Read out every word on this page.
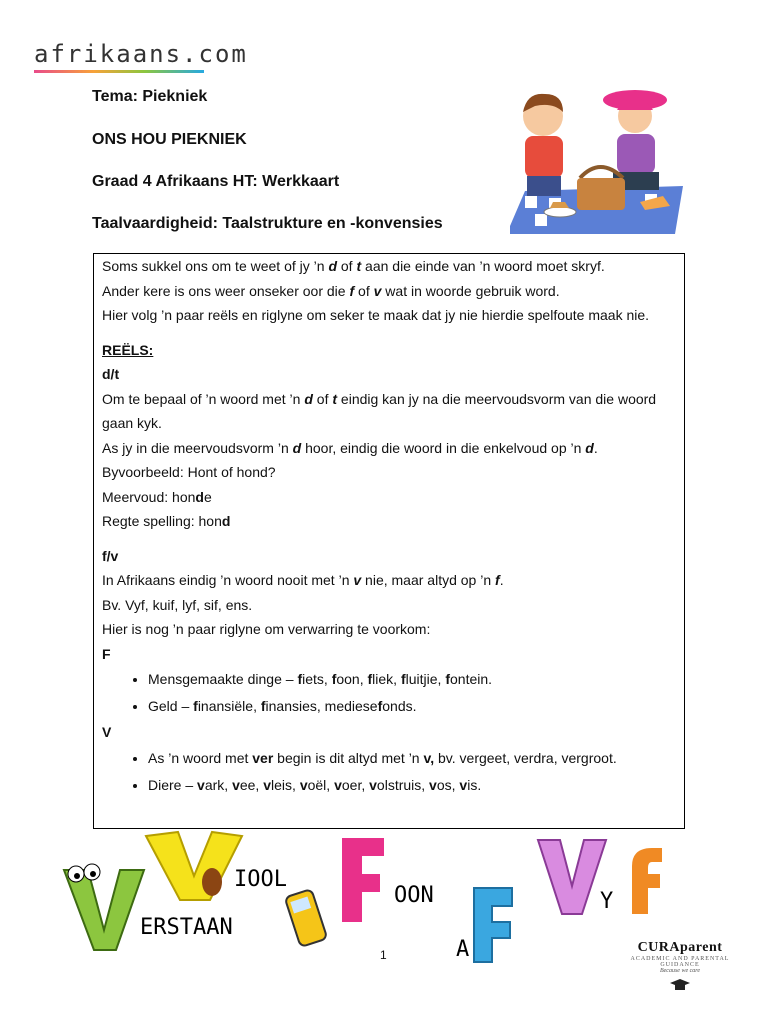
afrikaans.com
Tema: Piekniek
ONS HOU PIEKNIEK
Graad 4 Afrikaans HT: Werkkaart
Taalvaardigheid: Taalstrukture en -konvensies

Soms sukkel ons om te weet of jy ’n d of t aan die einde van ’n woord moet skryf.

Ander kere is ons weer onseker oor die f of v wat in woorde gebruik word.

Hier volg ’n paar reëls en riglyne om seker te maak dat jy nie hierdie spelfoute maak nie.

REËLS:

d/t

Om te bepaal of ’n woord met ’n d of t eindig kan jy na die meervoudsvorm van die woord gaan kyk.

As jy in die meervoudsvorm ’n d hoor, eindig die woord in die enkelvoud op ’n d.

Byvoorbeeld: Hont of hond?

Meervoud: honde

Regte spelling: hond

f/v

In Afrikaans eindig ’n woord nooit met ’n v nie, maar altyd op ’n f.

Bv. Vyf, kuif, lyf, sif, ens.

Hier is nog ’n paar riglyne om verwarring te voorkom:

F

• Mensgemaakte dinge – fiets, foon, fliek, fluitjie, fontein.
• Geld – finansiële, finansies, mediesefonds.

V

• As ’n woord met ver begin is dit altyd met ’n v, bv. vergeet, verdra, vergroot.
• Diere – vark, vee, vleis, voël, voer, volstruis, vos, vis.
ERSTAAN
IOOL
OON
A
Y
1	CURAparent
ACADEMIC AND PARENTAL GUIDANCE
Because we care
